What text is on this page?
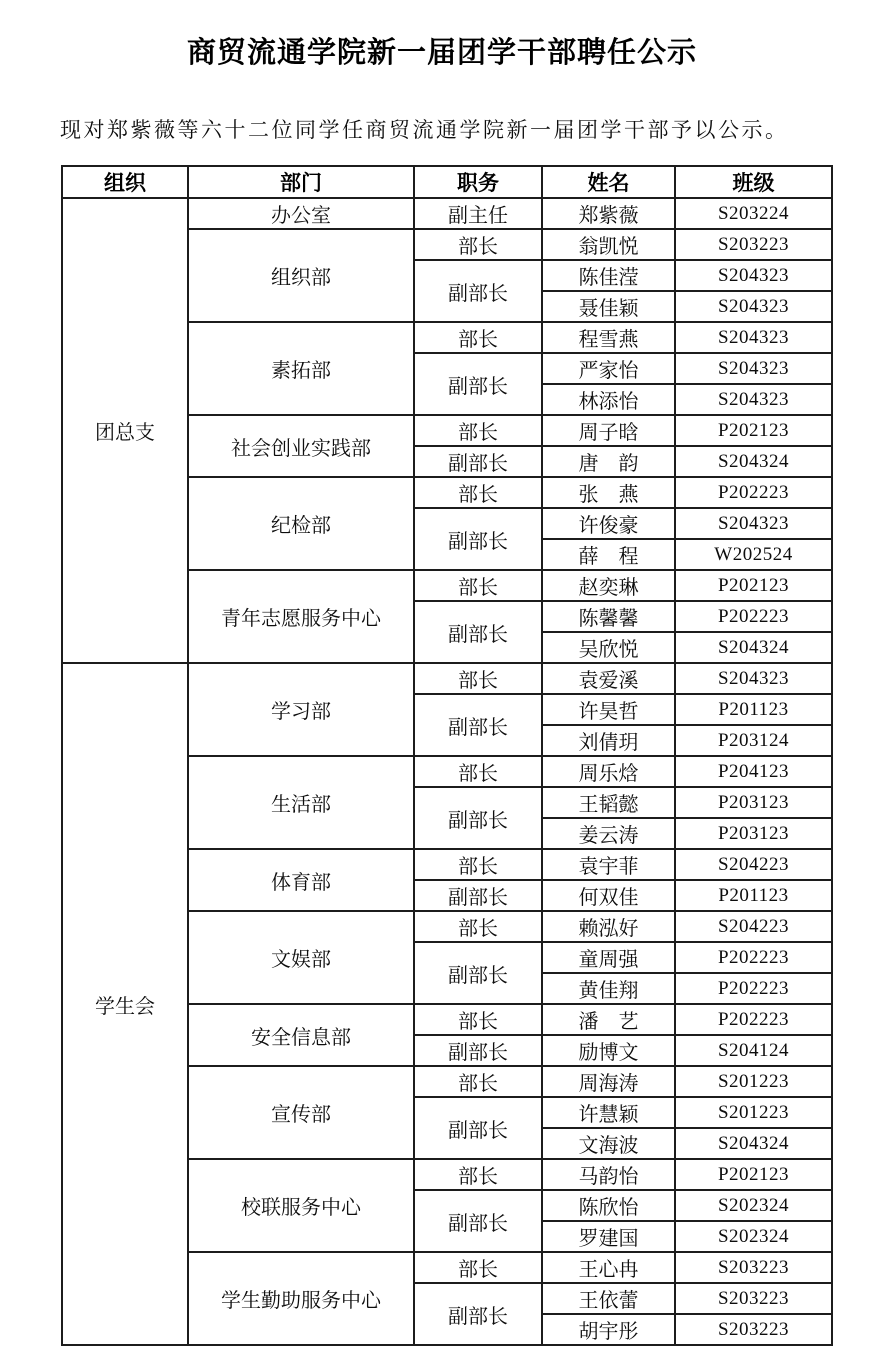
商贸流通学院新一届团学干部聘任公示

现对郑紫薇等六十二位同学任商贸流通学院新一届团学干部予以公示。

组织	部门	职务	姓名	班级
团总支	办公室	副主任	郑紫薇	S203224
	组织部	部长	翁凯悦	S203223
		副部长	陈佳滢	S204323
			聂佳颖	S204323
	素拓部	部长	程雪燕	S204323
		副部长	严家怡	S204323
			林添怡	S204323
	社会创业实践部	部长	周子晗	P202123
		副部长	唐　韵	S204324
	纪检部	部长	张　燕	P202223
		副部长	许俊豪	S204323
			薛　程	W202524
	青年志愿服务中心	部长	赵奕琳	P202123
		副部长	陈馨馨	P202223
			吴欣悦	S204324
学生会	学习部	部长	袁爱溪	S204323
		副部长	许昊哲	P201123
			刘倩玥	P203124
	生活部	部长	周乐焓	P204123
		副部长	王韬懿	P203123
			姜云涛	P203123
	体育部	部长	袁宇菲	S204223
		副部长	何双佳	P201123
	文娱部	部长	赖泓好	S204223
		副部长	童周强	P202223
			黄佳翔	P202223
	安全信息部	部长	潘　艺	P202223
		副部长	励博文	S204124
	宣传部	部长	周海涛	S201223
		副部长	许慧颖	S201223
			文海波	S204324
	校联服务中心	部长	马韵怡	P202123
		副部长	陈欣怡	S202324
			罗建国	S202324
	学生勤助服务中心	部长	王心冉	S203223
		副部长	王依蕾	S203223
			胡宇彤	S203223
